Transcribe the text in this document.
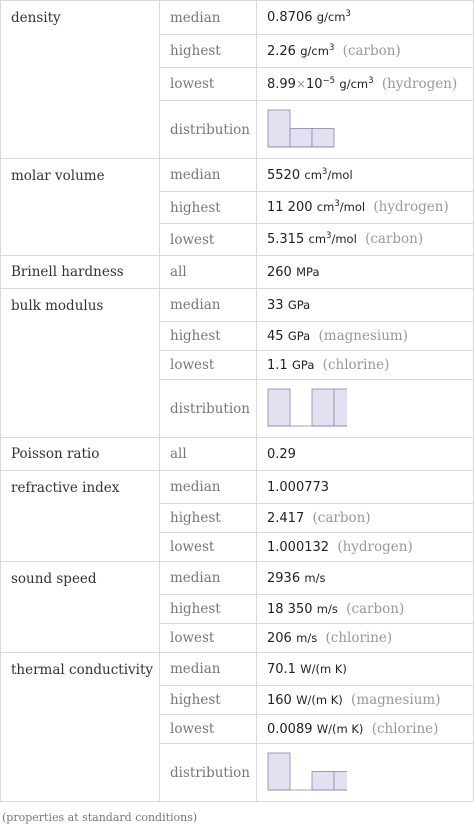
density	median	0.8706 $g/cm^3$
	highest	2.26 $g/cm^3$ (carbon)
	lowest	$8.99\times 10^{-5}$ $g/cm^3$ (hydrogen)
	distribution	

molar volume	median	5520 $cm^3$/mol
	highest	11 200 $cm^3$/mol (hydrogen)
	lowest	5.315 $cm^3$/mol (carbon)
Brinell hardness	all	260 MPa
bulk modulus	median	33 GPa
	highest	45 GPa (magnesium)
	lowest	1.1 GPa (chlorine)
	distribution	

Poisson ratio	all	0.29
refractive index	median	1.000773
	highest	2.417 (carbon)
	lowest	1.000132 (hydrogen)
sound speed	median	2936 m/s
	highest	18 350 m/s (carbon)
	lowest	206 m/s (chlorine)
thermal conductivity	median	70.1 W/(m K)
	highest	160 W/(m K) (magnesium)
	lowest	0.0089 W/(m K) (chlorine)
	distribution	
(properties at standard conditions)
